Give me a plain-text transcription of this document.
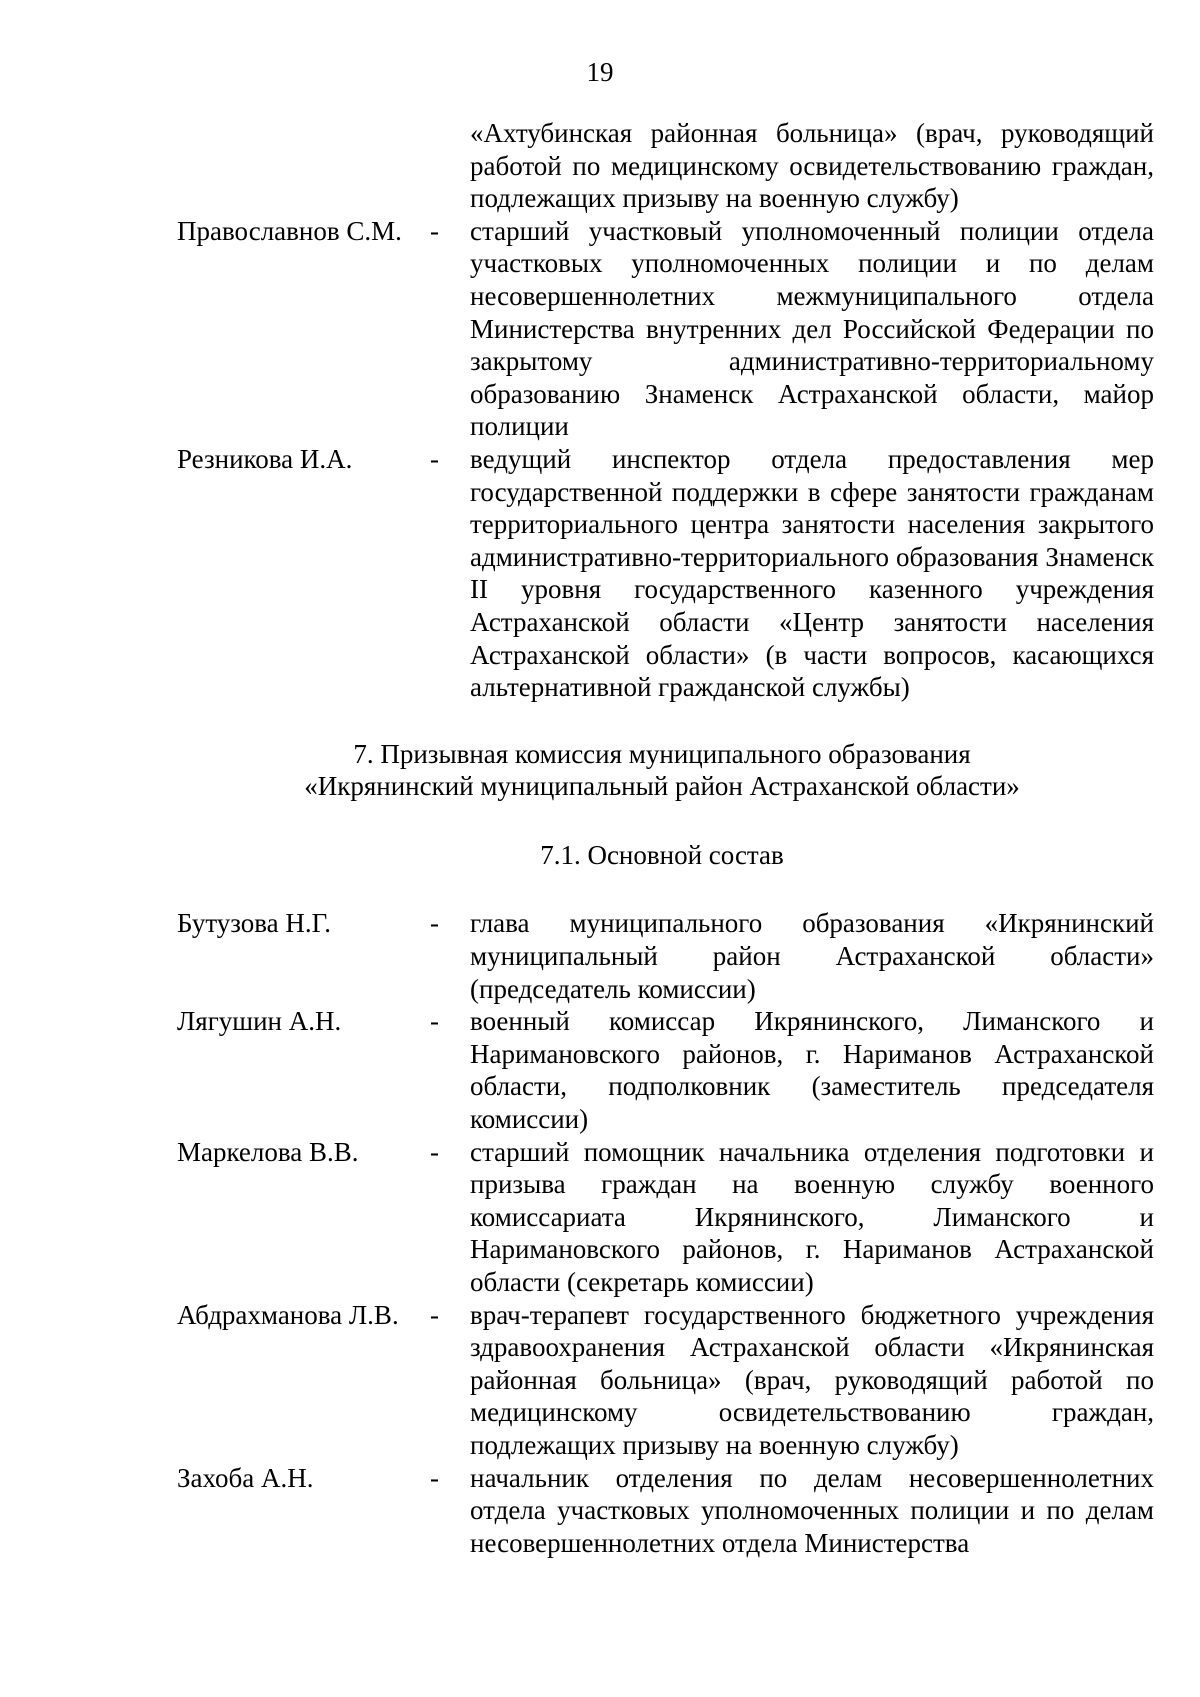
19
«Ахтубинская районная больница» (врач, руководящий работой по медицинскому освидетельствованию граждан, подлежащих призыву на военную службу)
Православнов С.М.	-	старший участковый уполномоченный полиции отдела участковых уполномоченных полиции и по делам несовершеннолетних межмуниципального отдела Министерства внутренних дел Российской Федерации по закрытому административно-территориальному образованию Знаменск Астраханской области, майор полиции
Резникова И.А.	-	ведущий инспектор отдела предоставления мер государственной поддержки в сфере занятости гражданам территориального центра занятости населения закрытого административно-территориального образования Знаменск II уровня государственного казенного учреждения Астраханской области «Центр занятости населения Астраханской области» (в части вопросов, касающихся альтернативной гражданской службы)
7. Призывная комиссия муниципального образования
«Икрянинский муниципальный район Астраханской области»
7.1. Основной состав
Бутузова Н.Г.	-	глава муниципального образования «Икрянинский муниципальный район Астраханской области» (председатель комиссии)
Лягушин А.Н.	-	военный комиссар Икрянинского, Лиманского и Наримановского районов, г. Нариманов Астраханской области, подполковник (заместитель председателя комиссии)
Маркелова В.В.	-	старший помощник начальника отделения подготовки и призыва граждан на военную службу военного комиссариата Икрянинского, Лиманского и Наримановского районов, г. Нариманов Астраханской области (секретарь комиссии)
Абдрахманова Л.В.	-	врач-терапевт государственного бюджетного учреждения здравоохранения Астраханской области «Икрянинская районная больница» (врач, руководящий работой по медицинскому освидетельствованию граждан, подлежащих призыву на военную службу)
Захоба А.Н.	-	начальник отделения по делам несовершеннолетних отдела участковых уполномоченных полиции и по делам несовершеннолетних отдела Министерства
